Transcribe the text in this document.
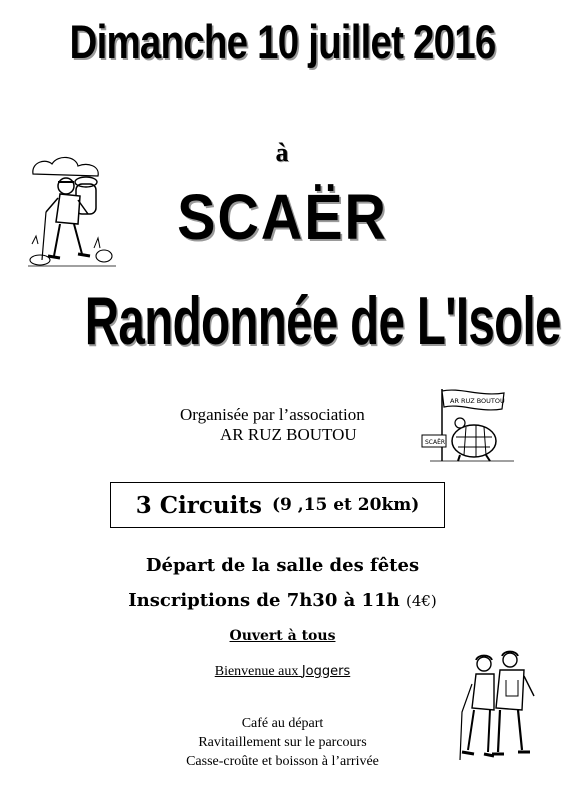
Dimanche 10 juillet 2016
à
SCAËR
Randonnée de L'Isole
Organisée par l’association
AR RUZ BOUTOU
AR RUZ BOUTOU
SCAËR
3 Circuits (9 ,15 et 20km)
Départ de la salle des fêtes
Inscriptions de 7h30 à 11h (4€)
Ouvert à tous
Bienvenue aux Joggers
Café au départ
Ravitaillement sur le parcours
Casse-croûte et boisson à l’arrivée
